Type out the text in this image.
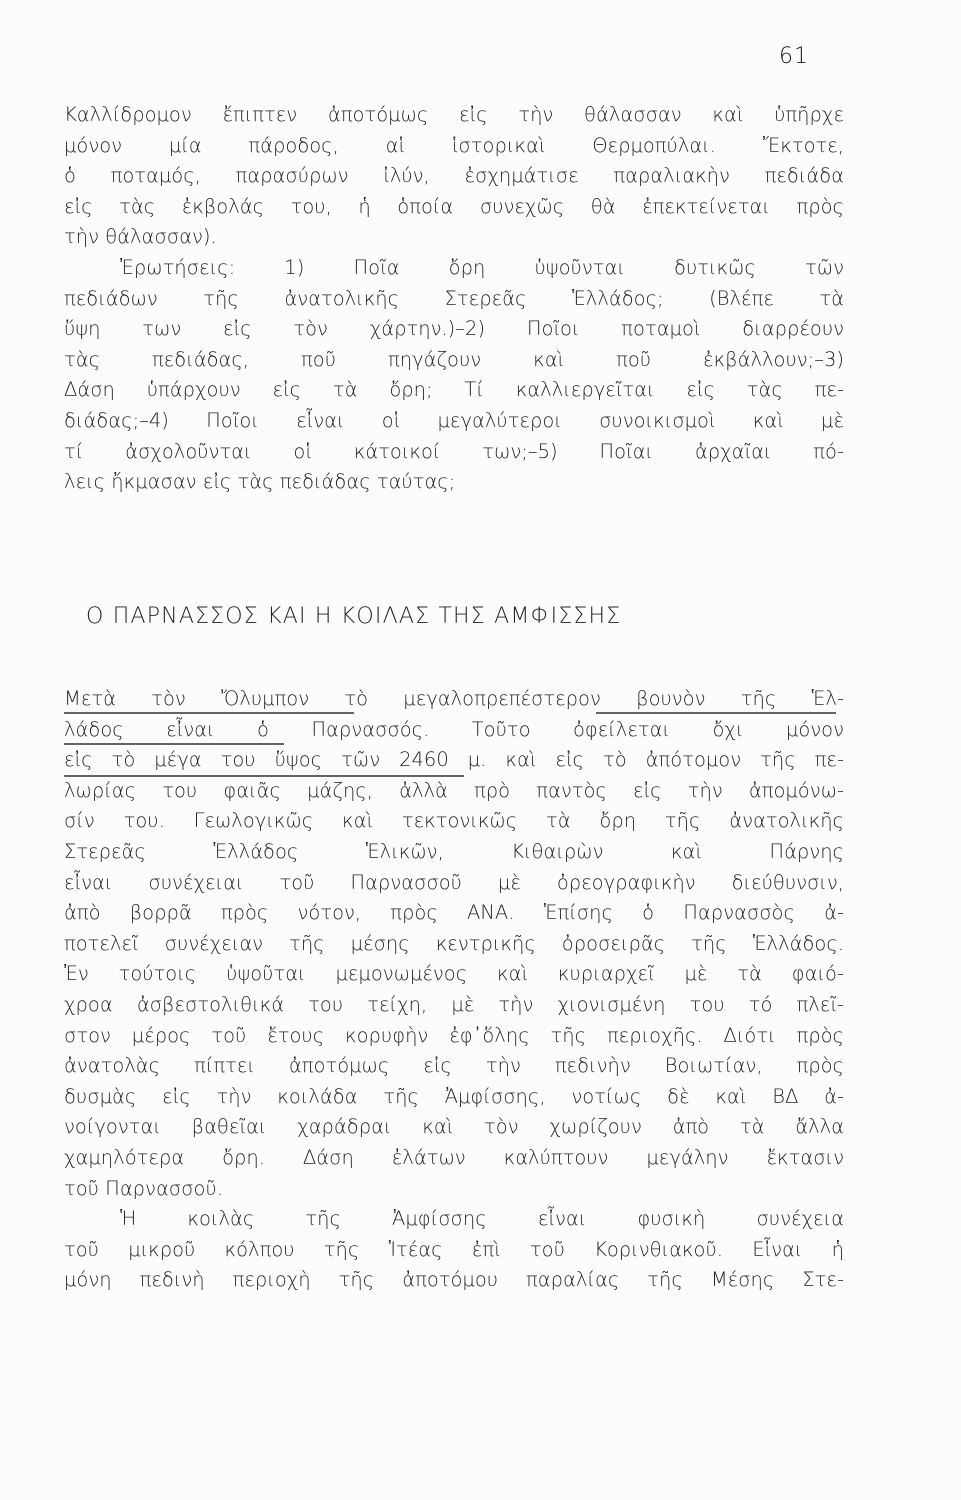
61
Καλλίδρομον ἔπιπτεν ἀποτόμως εἰς τὴν θάλασσαν καὶ ὑπῆρχε
μόνον μία πάροδος, αἱ ἱστορικαὶ Θερμοπύλαι. Ἔκτοτε,
ὁ ποταμός, παρασύρων ἰλύν, ἐσχημάτισε παραλιακὴν πεδιάδα
εἰς τὰς ἐκβολάς του, ἡ ὁποία συνεχῶς θὰ ἐπεκτείνεται πρὸς
τὴν θάλασσαν).
Ἐρωτήσεις: 1) Ποῖα ὄρη ὑψοῦνται δυτικῶς τῶν
πεδιάδων τῆς ἀνατολικῆς Στερεᾶς Ἑλλάδος; (Βλέπε τὰ
ὕψη των εἰς τὸν χάρτην.)–2) Ποῖοι ποταμοὶ διαρρέουν
τὰς πεδιάδας, ποῦ πηγάζουν καὶ ποῦ ἐκβάλλουν;–3)
Δάση ὑπάρχουν εἰς τὰ ὄρη; Τί καλλιεργεῖται εἰς τὰς πε-
διάδας;–4) Ποῖοι εἶναι οἱ μεγαλύτεροι συνοικισμοὶ καὶ μὲ
τί ἀσχολοῦνται οἱ κάτοικοί των;–5) Ποῖαι ἀρχαῖαι πό-
λεις ἤκμασαν εἰς τὰς πεδιάδας ταύτας;
Ο ΠΑΡΝΑΣΣΟΣ ΚΑΙ Η ΚΟΙΛΑΣ ΤΗΣ ΑΜΦΙΣΣΗΣ
Μετὰ τὸν Ὄλυμπον τὸ μεγαλοπρεπέστερον βουνὸν τῆς Ἑλ-
λάδος εἶναι ὁ Παρνασσός. Τοῦτο ὀφείλεται ὄχι μόνον
εἰς τὸ μέγα του ὕψος τῶν 2460 μ. καὶ εἰς τὸ ἀπότομον τῆς πε-
λωρίας του φαιᾶς μάζης, ἀλλὰ πρὸ παντὸς εἰς τὴν ἀπομόνω-
σίν του. Γεωλογικῶς καὶ τεκτονικῶς τὰ ὄρη τῆς ἀνατολικῆς
Στερεᾶς Ἑλλάδος Ἑλικῶν, Κιθαιρὼν καὶ Πάρνης
εἶναι συνέχειαι τοῦ Παρνασσοῦ μὲ ὀρεογραφικὴν διεύθυνσιν,
ἀπὸ βορρᾶ πρὸς νότον, πρὸς ΑΝΑ. Ἐπίσης ὁ Παρνασσὸς ἀ-
ποτελεῖ συνέχειαν τῆς μέσης κεντρικῆς ὀροσειρᾶς τῆς Ἑλλάδος.
Ἐν τούτοις ὑψοῦται μεμονωμένος καὶ κυριαρχεῖ μὲ τὰ φαιό-
χροα ἀσβεστολιθικά του τείχη, μὲ τὴν χιονισμένη του τό πλεῖ-
στον μέρος τοῦ ἔτους κορυφὴν ἐφ᾽ὅλης τῆς περιοχῆς. Διότι πρὸς
ἀνατολὰς πίπτει ἀποτόμως εἰς τὴν πεδινὴν Βοιωτίαν, πρὸς
δυσμὰς εἰς τὴν κοιλάδα τῆς Ἀμφίσσης, νοτίως δὲ καὶ ΒΔ ἀ-
νοίγονται βαθεῖαι χαράδραι καὶ τὸν χωρίζουν ἀπὸ τὰ ἄλλα
χαμηλότερα ὄρη. Δάση ἐλάτων καλύπτουν μεγάλην ἔκτασιν
τοῦ Παρνασσοῦ.
Ἡ κοιλὰς τῆς Ἀμφίσσης εἶναι φυσικὴ συνέχεια
τοῦ μικροῦ κόλπου τῆς Ἰτέας ἐπὶ τοῦ Κορινθιακοῦ. Εἶναι ἡ
μόνη πεδινὴ περιοχὴ τῆς ἀποτόμου παραλίας τῆς Μέσης Στε-
